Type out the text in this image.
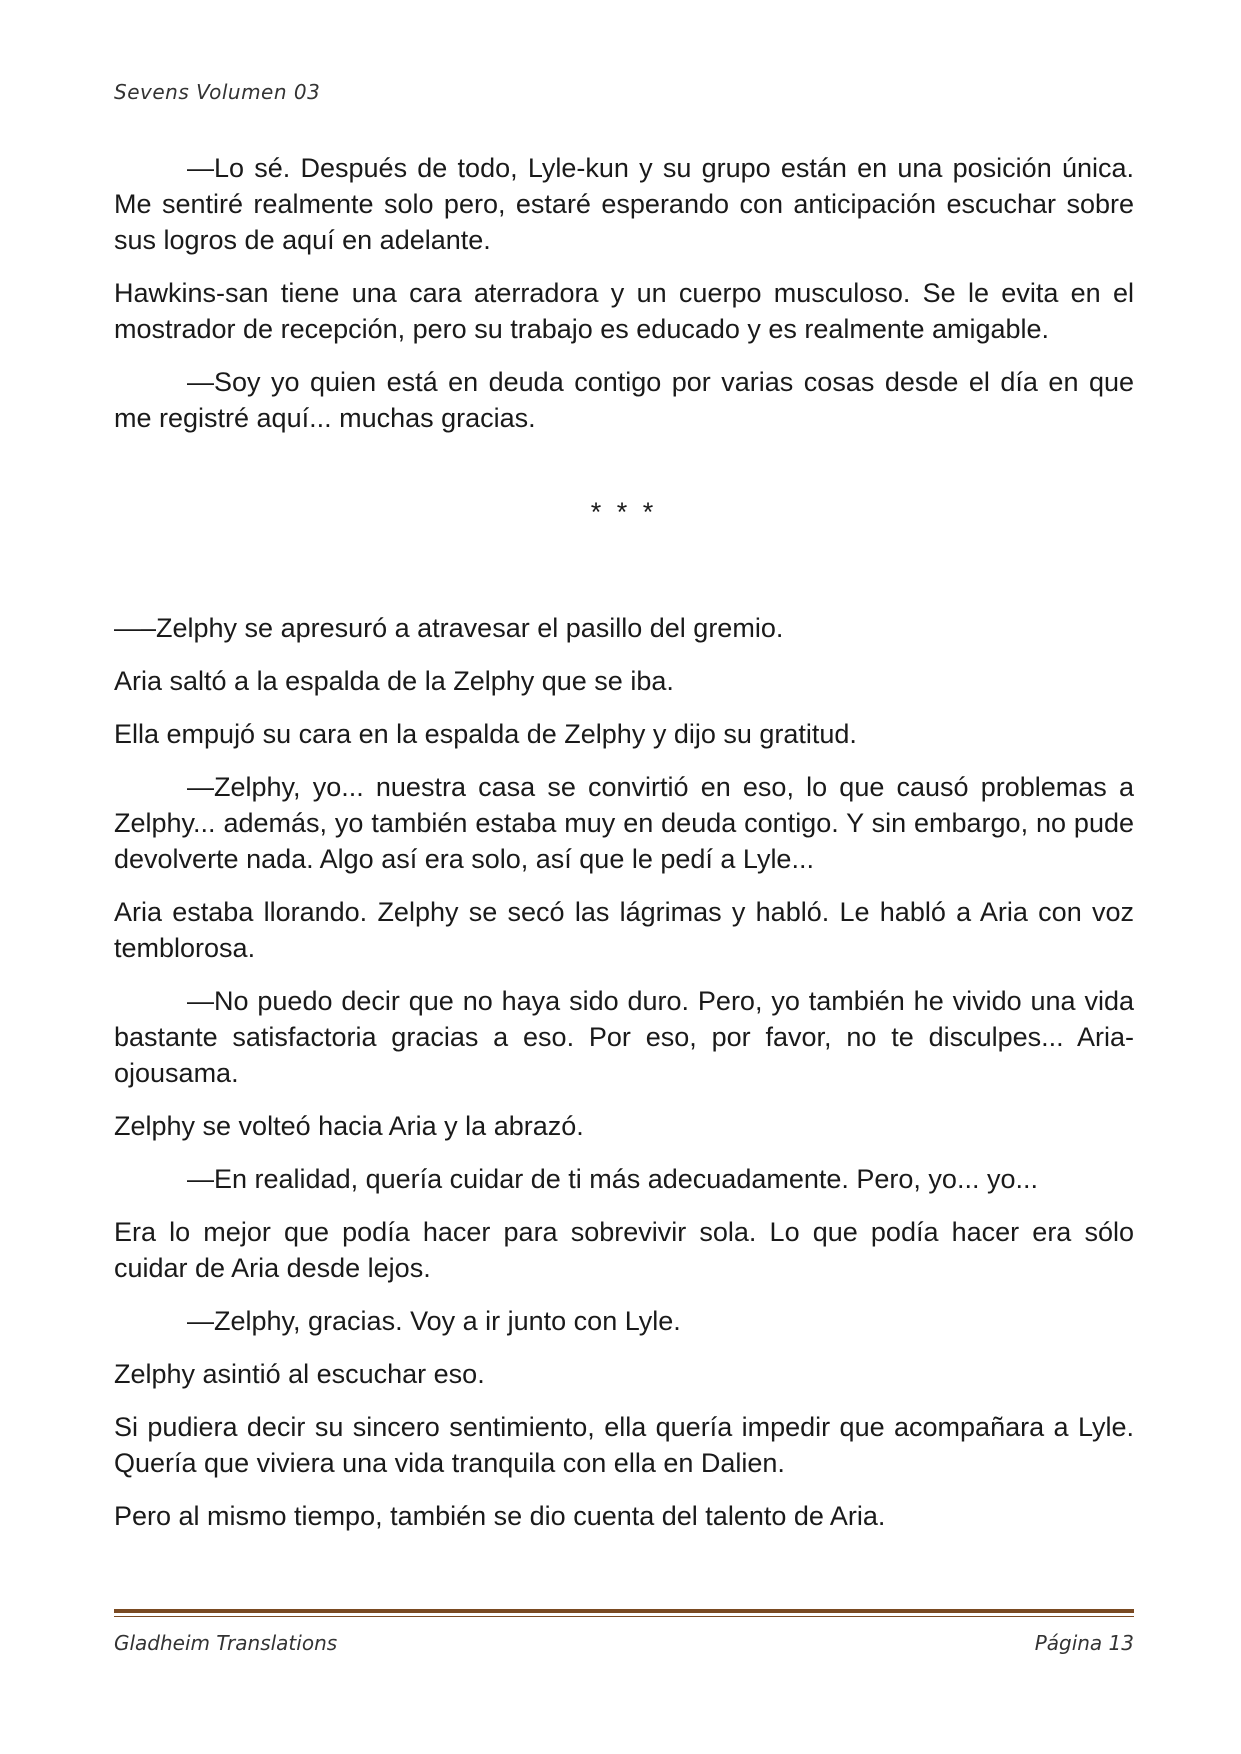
Sevens Volumen 03

—Lo sé. Después de todo, Lyle-kun y su grupo están en una posición única. Me sentiré realmente solo pero, estaré esperando con anticipación escuchar sobre sus logros de aquí en adelante.

Hawkins-san tiene una cara aterradora y un cuerpo musculoso. Se le evita en el mostrador de recepción, pero su trabajo es educado y es realmente amigable.

—Soy yo quien está en deuda contigo por varias cosas desde el día en que me registré aquí... muchas gracias.

* * *

—–Zelphy se apresuró a atravesar el pasillo del gremio.

Aria saltó a la espalda de la Zelphy que se iba.

Ella empujó su cara en la espalda de Zelphy y dijo su gratitud.

—Zelphy, yo... nuestra casa se convirtió en eso, lo que causó problemas a Zelphy... además, yo también estaba muy en deuda contigo. Y sin embargo, no pude devolverte nada. Algo así era solo, así que le pedí a Lyle...

Aria estaba llorando. Zelphy se secó las lágrimas y habló. Le habló a Aria con voz temblorosa.

—No puedo decir que no haya sido duro. Pero, yo también he vivido una vida bastante satisfactoria gracias a eso. Por eso, por favor, no te disculpes... Aria-ojousama.

Zelphy se volteó hacia Aria y la abrazó.

—En realidad, quería cuidar de ti más adecuadamente. Pero, yo... yo...

Era lo mejor que podía hacer para sobrevivir sola. Lo que podía hacer era sólo cuidar de Aria desde lejos.

—Zelphy, gracias. Voy a ir junto con Lyle.

Zelphy asintió al escuchar eso.

Si pudiera decir su sincero sentimiento, ella quería impedir que acompañara a Lyle. Quería que viviera una vida tranquila con ella en Dalien.

Pero al mismo tiempo, también se dio cuenta del talento de Aria.

Gladheim Translations	Página 13
